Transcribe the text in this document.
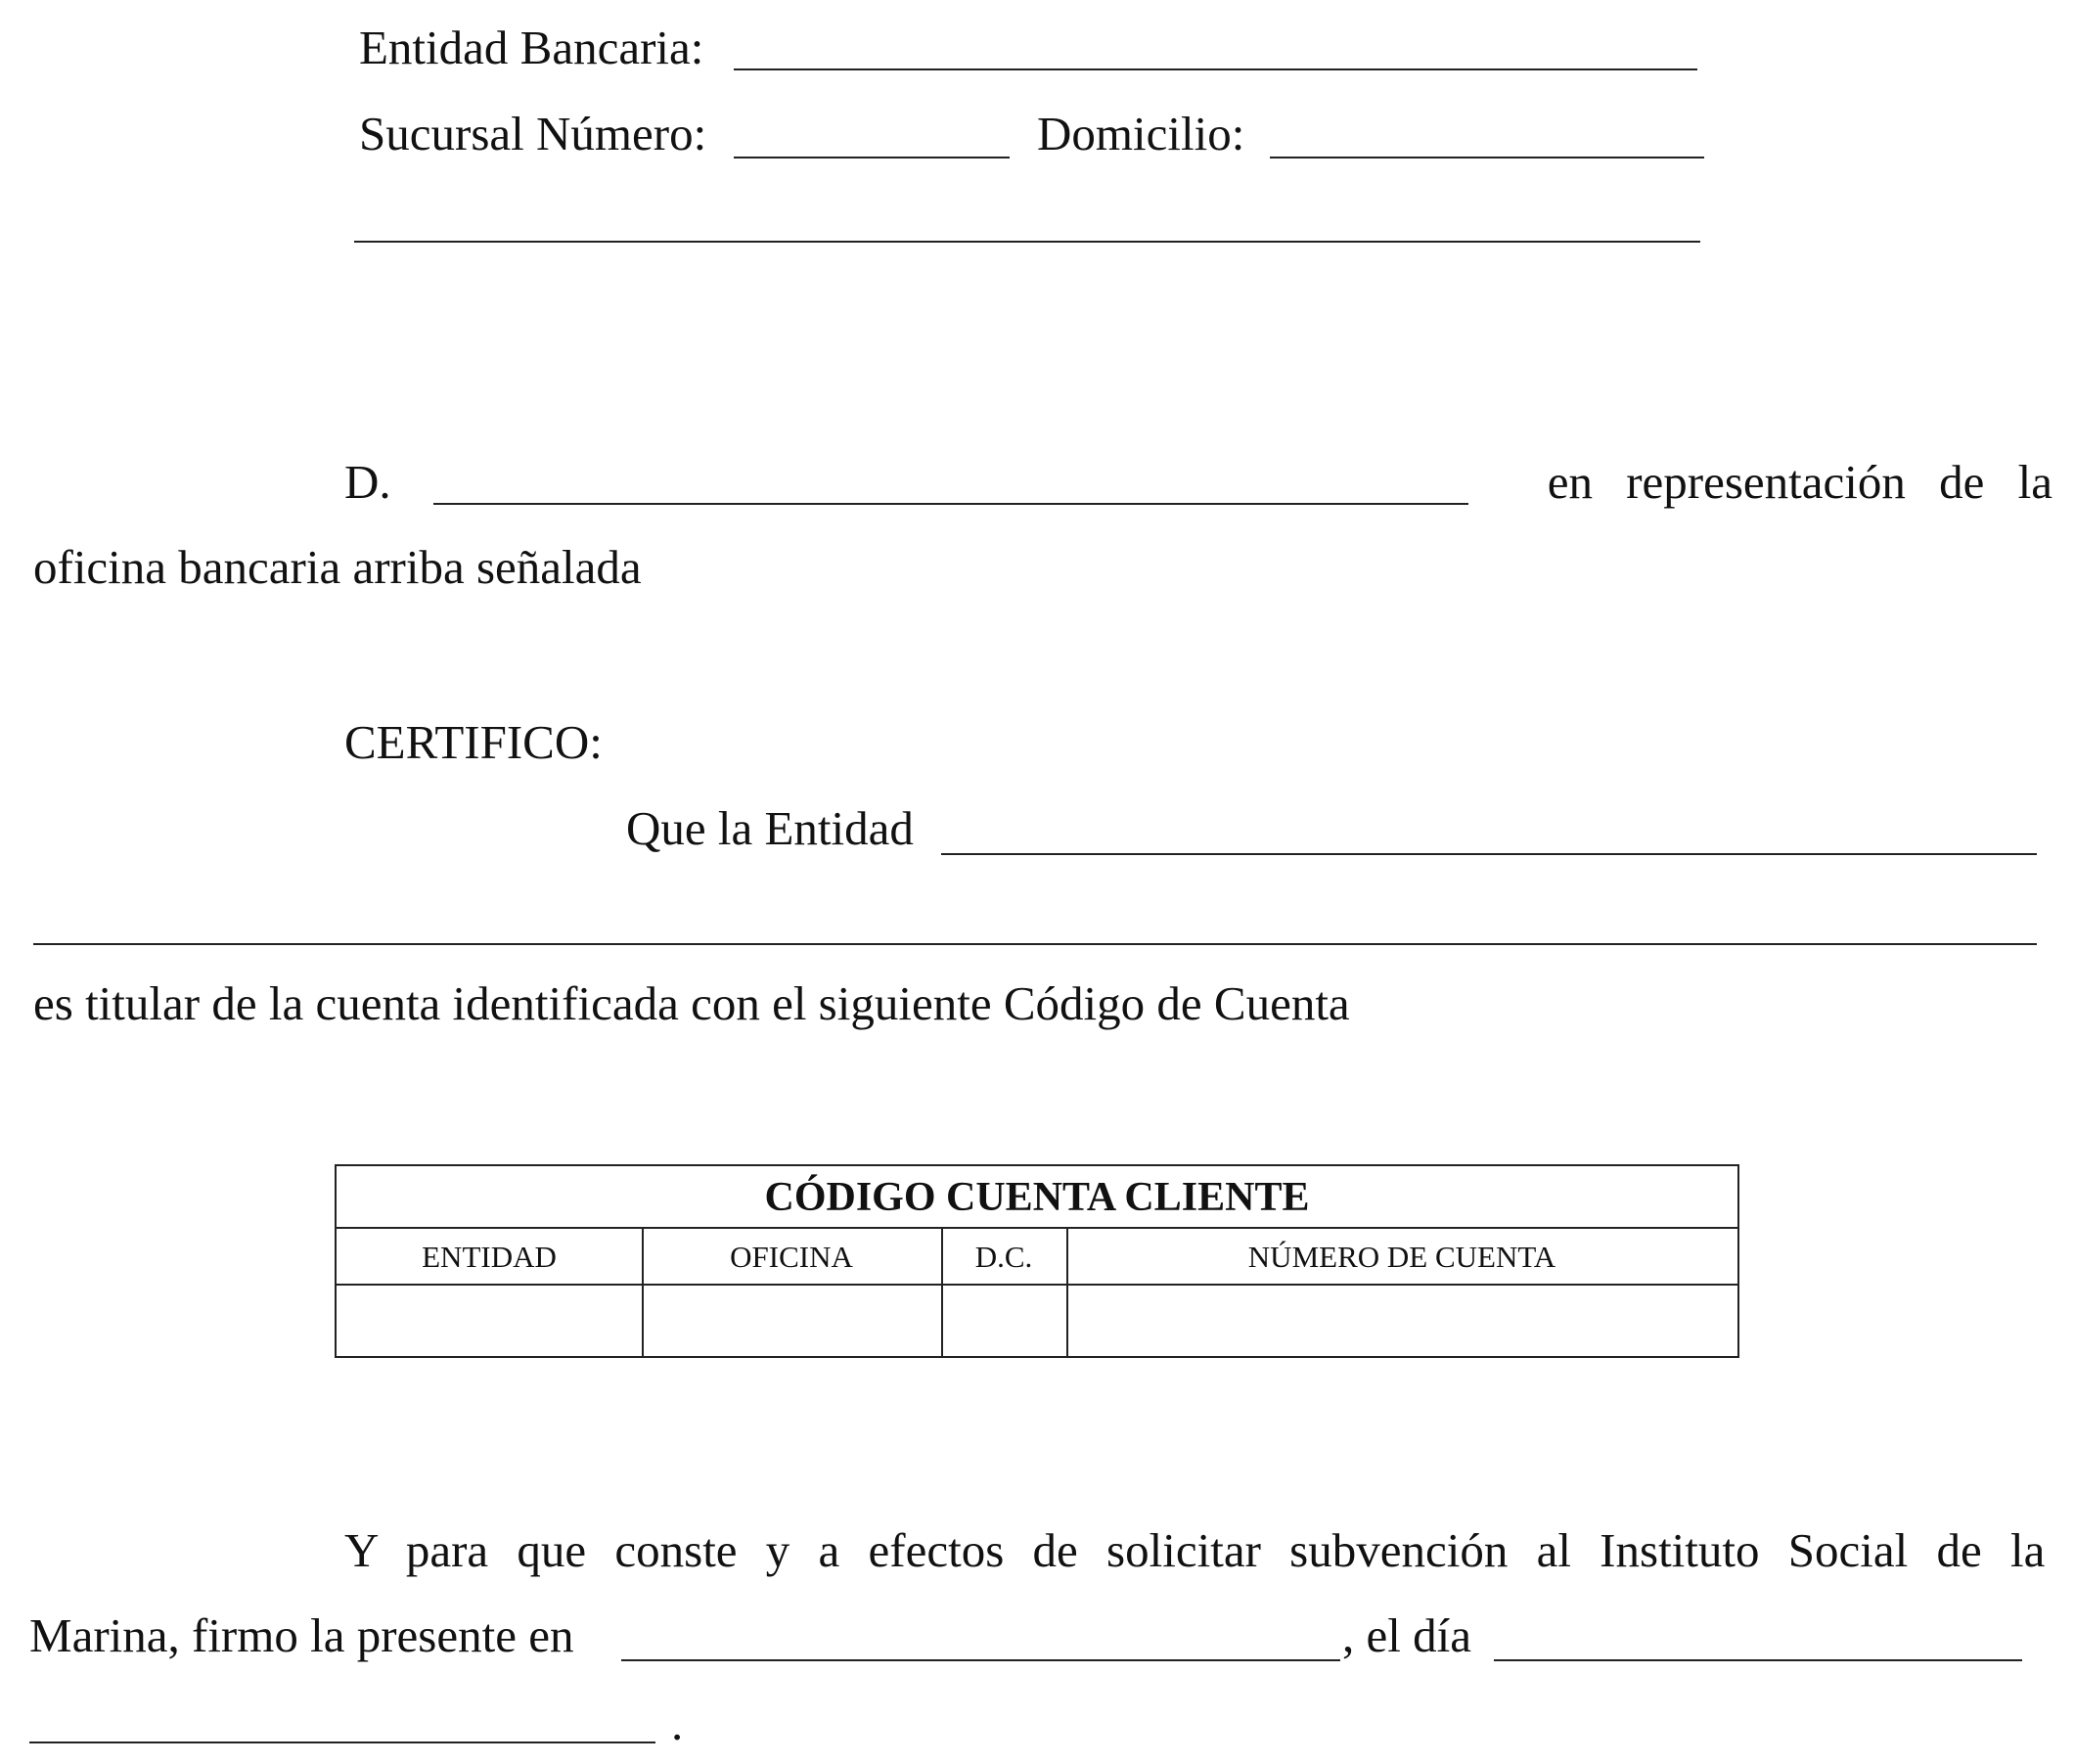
Entidad Bancaria:
Sucursal Número:	Domicilio:
D.	en representación de la
oficina bancaria arriba señalada
CERTIFICO:
Que la Entidad
es titular de la cuenta identificada con el siguiente Código de Cuenta
CÓDIGO CUENTA CLIENTE
ENTIDAD	OFICINA	D.C.	NÚMERO DE CUENTA
Y para que conste y a efectos de solicitar subvención al Instituto Social de la
Marina, firmo la presente en	, el día
.
